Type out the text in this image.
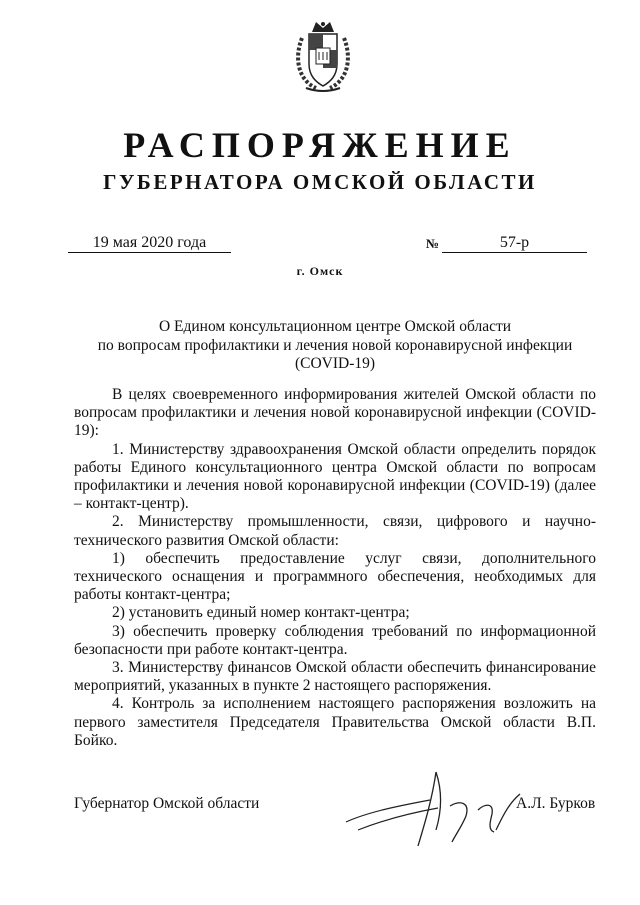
РАСПОРЯЖЕНИЕ
ГУБЕРНАТОРА ОМСКОЙ ОБЛАСТИ
19 мая 2020 года	№	57-р
г. Омск
О Едином консультационном центре Омской области
по вопросам профилактики и лечения новой коронавирусной инфекции
(COVID-19)

В целях своевременного информирования жителей Омской области по вопросам профилактики и лечения новой коронавирусной инфекции (COVID-19):

1. Министерству здравоохранения Омской области определить порядок работы Единого консультационного центра Омской области по вопросам профилактики и лечения новой коронавирусной инфекции (COVID-19) (далее – контакт-центр).

2. Министерству промышленности, связи, цифрового и научно-технического развития Омской области:

1) обеспечить предоставление услуг связи, дополнительного технического оснащения и программного обеспечения, необходимых для работы контакт-центра;

2) установить единый номер контакт-центра;

3) обеспечить проверку соблюдения требований по информационной безопасности при работе контакт-центра.

3. Министерству финансов Омской области обеспечить финансирование мероприятий, указанных в пункте 2 настоящего распоряжения.

4. Контроль за исполнением настоящего распоряжения возложить на первого заместителя Председателя Правительства Омской области В.П. Бойко.

Губернатор Омской области	А.Л. Бурков
